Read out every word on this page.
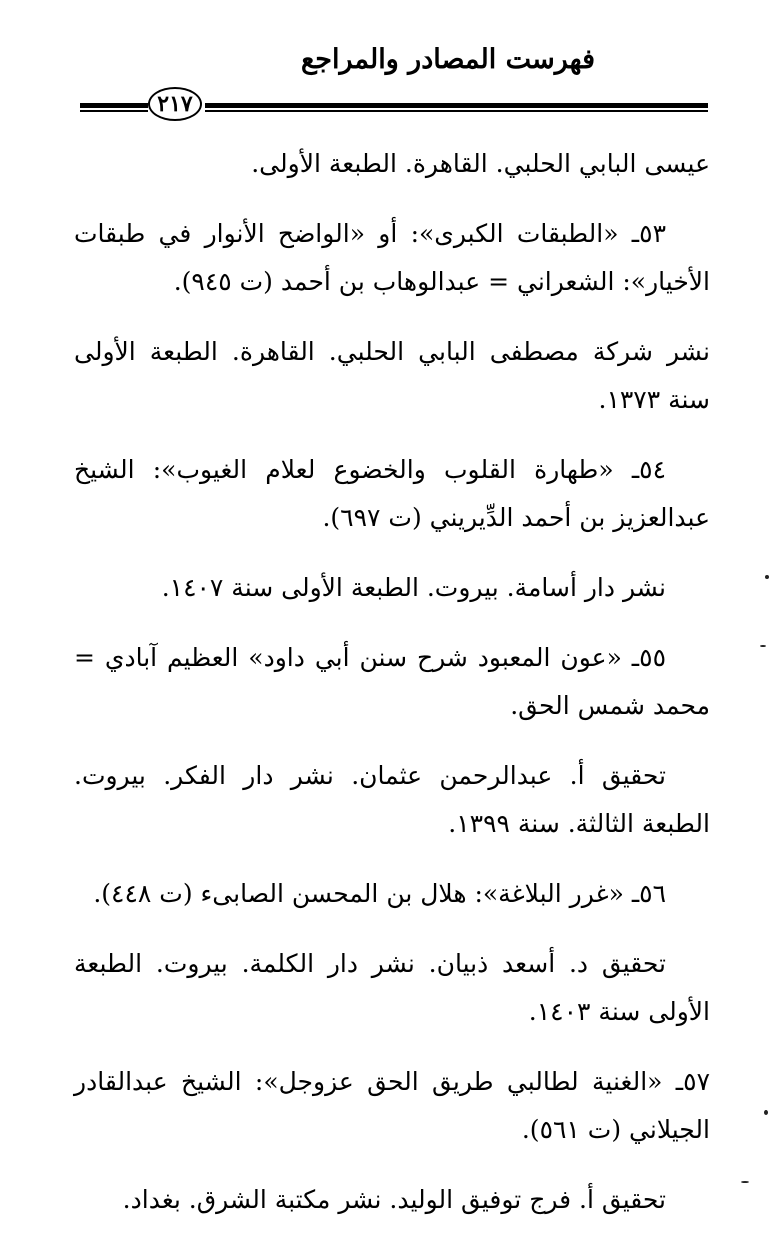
فهرست المصادر والمراجع
٢١٧

عيسى البابي الحلبي. القاهرة. الطبعة الأولى.

٥٣ـ «الطبقات الكبرى»: أو «الواضح الأنوار في طبقات الأخيار»: الشعراني = عبدالوهاب بن أحمد (ت ٩٤٥).

نشر شركة مصطفى البابي الحلبي. القاهرة. الطبعة الأولى سنة ١٣٧٣.

٥٤ـ «طهارة القلوب والخضوع لعلام الغيوب»: الشيخ عبدالعزيز بن أحمد الدِّيريني (ت ٦٩٧).

نشر دار أسامة. بيروت. الطبعة الأولى سنة ١٤٠٧.

٥٥ـ «عون المعبود شرح سنن أبي داود» العظيم آبادي = محمد شمس الحق.

تحقيق أ. عبدالرحمن عثمان. نشر دار الفكر. بيروت. الطبعة الثالثة. سنة ١٣٩٩.

٥٦ـ «غرر البلاغة»: هلال بن المحسن الصابىء (ت ٤٤٨).

تحقيق د. أسعد ذبيان. نشر دار الكلمة. بيروت. الطبعة الأولى سنة ١٤٠٣.

٥٧ـ «الغنية لطالبي طريق الحق عزوجل»: الشيخ عبدالقادر الجيلاني (ت ٥٦١).

تحقيق أ. فرج توفيق الوليد. نشر مكتبة الشرق. بغداد.
